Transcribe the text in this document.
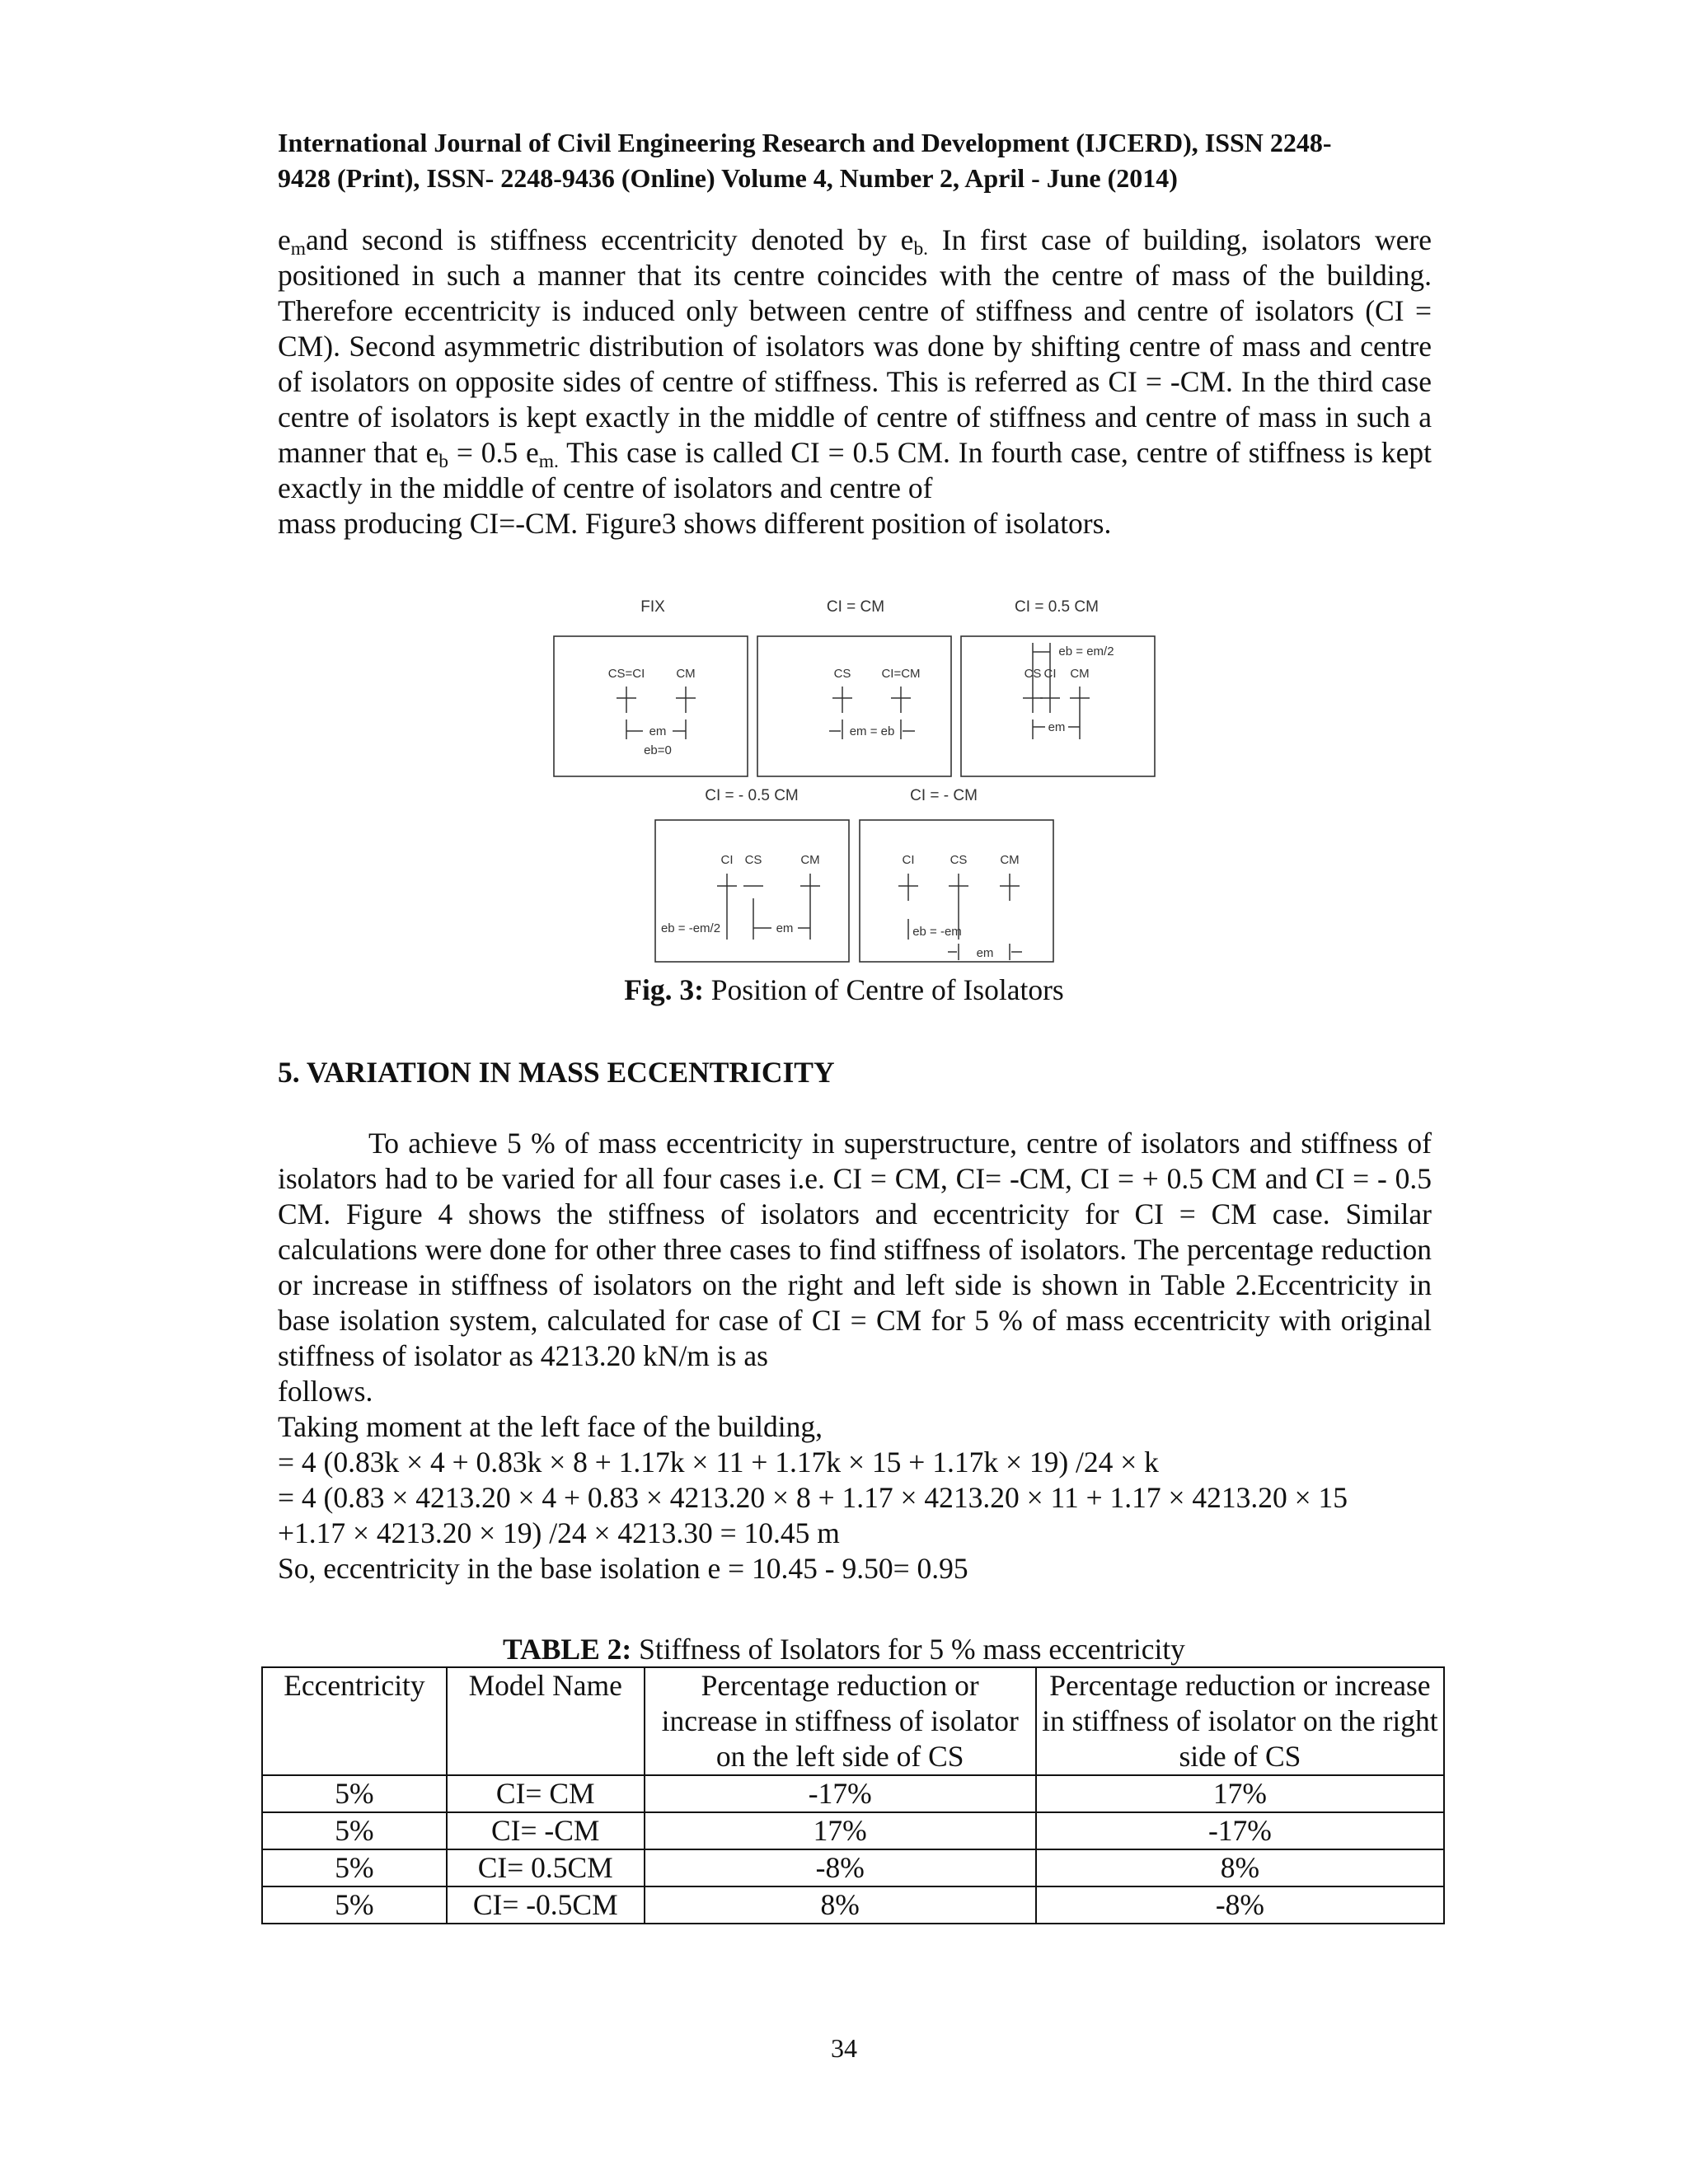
International Journal of Civil Engineering Research and Development (IJCERD), ISSN 2248-
9428 (Print), ISSN- 2248-9436 (Online) Volume 4, Number 2, April - June (2014)

$e_mand$ second is stiffness eccentricity denoted by $e_{b.}$ In first case of building, isolators were positioned in such a manner that its centre coincides with the centre of mass of the building. Therefore eccentricity is induced only between centre of stiffness and centre of isolators (CI = CM). Second asymmetric distribution of isolators was done by shifting centre of mass and centre of isolators on opposite sides of centre of stiffness. This is referred as CI = -CM. In the third case centre of isolators is kept exactly in the middle of centre of stiffness and centre of mass in such a manner that $e_b = 0.5$ $e_{m.}$ This case is called CI = 0.5 CM. In fourth case, centre of stiffness is kept exactly in the middle of centre of isolators and centre of

mass producing CI=-CM. Figure3 shows different position of isolators.
FIX	CI = CM	CI = 0.5 CM
CI = - 0.5 CM	CI = - CM
CS=CI	CM
em
eb=0
CS CI=CM
em = eb
CS CI CM
eb = em/2
em
CI CS	CM
eb = -em/2	em
CI	CS	CM
eb = -em
em
Fig. 3: Position of Centre of Isolators
5. VARIATION IN MASS ECCENTRICITY

To achieve 5 % of mass eccentricity in superstructure, centre of isolators and stiffness of isolators had to be varied for all four cases i.e. CI = CM, CI= -CM, CI = + 0.5 CM and CI = - 0.5 CM. Figure 4 shows the stiffness of isolators and eccentricity for CI = CM case. Similar calculations were done for other three cases to find stiffness of isolators. The percentage reduction or increase in stiffness of isolators on the right and left side is shown in Table 2.Eccentricity in base isolation system, calculated for case of CI = CM for 5 % of mass eccentricity with original stiffness of isolator as 4213.20 kN/m is as

follows.
Taking moment at the left face of the building,
= 4 (0.83k × 4 + 0.83k × 8 + 1.17k × 11 + 1.17k × 15 + 1.17k × 19) /24 × k
= 4 (0.83 × 4213.20 × 4 + 0.83 × 4213.20 × 8 + 1.17 × 4213.20 × 11 + 1.17 × 4213.20 × 15
+1.17 × 4213.20 × 19) /24 × 4213.30 = 10.45 m
So, eccentricity in the base isolation e = 10.45 - 9.50= 0.95
TABLE 2: Stiffness of Isolators for 5 % mass eccentricity
Eccentricity	Model Name	Percentage reduction or increase in stiffness of isolator on the left side of CS	Percentage reduction or increase in stiffness of isolator on the right side of CS
5%	CI= CM	-17%	17%
5%	CI= -CM	17%	-17%
5%	CI= 0.5CM	-8%	8%
5%	CI= -0.5CM	8%	-8%
34
